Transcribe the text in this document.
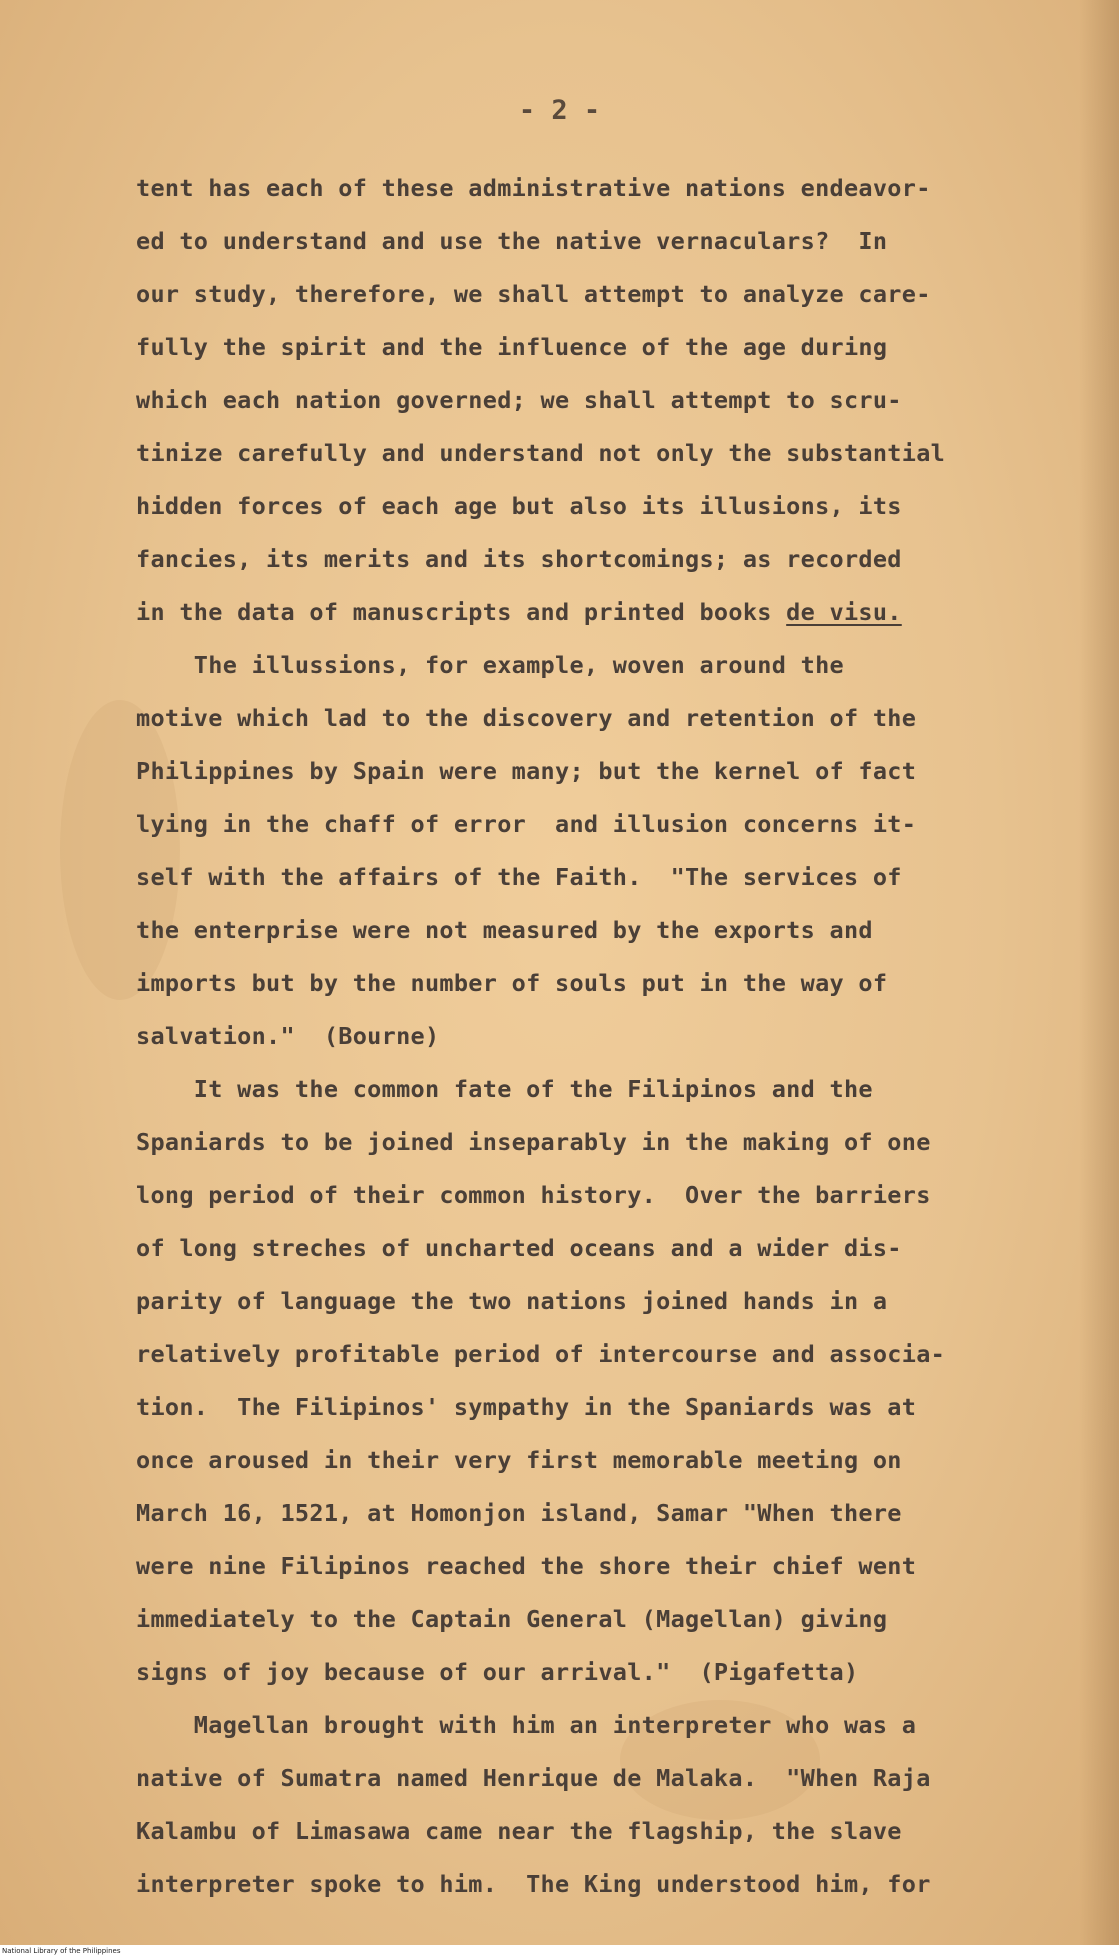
- 2 -

tent has each of these administrative nations endeavor-
ed to understand and use the native vernaculars?  In
our study, therefore, we shall attempt to analyze care-
fully the spirit and the influence of the age during
which each nation governed; we shall attempt to scru-
tinize carefully and understand not only the substantial
hidden forces of each age but also its illusions, its
fancies, its merits and its shortcomings; as recorded
in the data of manuscripts and printed books de visu.
The illussions, for example, woven around the
motive which lad to the discovery and retention of the
Philippines by Spain were many; but the kernel of fact
lying in the chaff of error  and illusion concerns it-
self with the affairs of the Faith.  "The services of
the enterprise were not measured by the exports and
imports but by the number of souls put in the way of
salvation."  (Bourne)
It was the common fate of the Filipinos and the
Spaniards to be joined inseparably in the making of one
long period of their common history.  Over the barriers
of long streches of uncharted oceans and a wider dis-
parity of language the two nations joined hands in a
relatively profitable period of intercourse and associa-
tion.  The Filipinos' sympathy in the Spaniards was at
once aroused in their very first memorable meeting on
March 16, 1521, at Homonjon island, Samar "When there
were nine Filipinos reached the shore their chief went
immediately to the Captain General (Magellan) giving
signs of joy because of our arrival."  (Pigafetta)
Magellan brought with him an interpreter who was a
native of Sumatra named Henrique de Malaka.  "When Raja
Kalambu of Limasawa came near the flagship, the slave
interpreter spoke to him.  The King understood him, for
National Library of the Philippines
